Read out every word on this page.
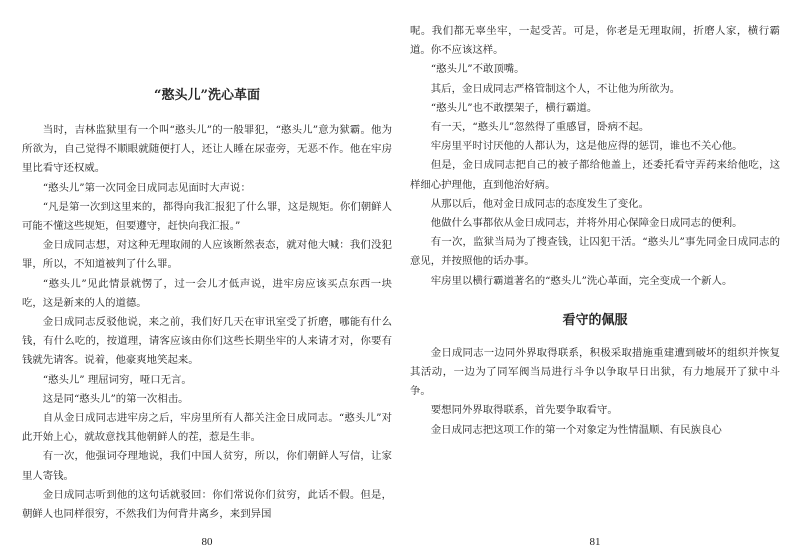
“憨头儿”洗心革面

当时，吉林监狱里有一个叫“憨头儿”的一般罪犯，“憨头儿”意为狱霸。他为所欲为，自己觉得不顺眼就随便打人，还让人睡在尿壶旁，无恶不作。他在牢房里比看守还权威。

“憨头儿”第一次同金日成同志见面时大声说：

“凡是第一次到这里来的，都得向我汇报犯了什么罪，这是规矩。你们朝鲜人可能不懂这些规矩，但要遵守，赶快向我汇报。”

金日成同志想，对这种无理取闹的人应该断然表态，就对他大喊：我们没犯罪，所以，不知道被判了什么罪。

“憨头儿”见此情景就愣了，过一会儿才低声说，进牢房应该买点东西一块吃，这是新来的人的道德。

金日成同志反驳他说，来之前，我们好几天在审讯室受了折磨，哪能有什么钱，有什么吃的，按道理，请客应该由你们这些长期坐牢的人来请才对，你要有钱就先请客。说着，他豪爽地笑起来。

“憨头儿” 理屈词穷，哑口无言。

这是同“憨头儿”的第一次相击。

自从金日成同志进牢房之后，牢房里所有人都关注金日成同志。“憨头儿”对此开始上心，就故意找其他朝鲜人的茬，惹是生非。

有一次，他强词夺理地说，我们中国人贫穷，所以，你们朝鲜人写信，让家里人寄钱。

金日成同志听到他的这句话就驳回：你们常说你们贫穷，此话不假。但是，朝鲜人也同样很穷，不然我们为何背井离乡，来到异国

80

呢。我们都无辜坐牢，一起受苦。可是，你老是无理取闹，折磨人家，横行霸道。你不应该这样。

“憨头儿”不敢顶嘴。

其后，金日成同志严格管制这个人，不让他为所欲为。

“憨头儿”也不敢摆架子，横行霸道。

有一天，“憨头儿”忽然得了重感冒，卧病不起。

牢房里平时讨厌他的人都认为，这是他应得的惩罚，谁也不关心他。

但是，金日成同志把自己的被子都给他盖上，还委托看守弄药来给他吃，这样细心护理他，直到他治好病。

从那以后，他对金日成同志的态度发生了变化。

他做什么事都依从金日成同志，并将外用心保障金日成同志的便利。

有一次，监狱当局为了搜查钱，让囚犯干活。“憨头儿”事先同金日成同志的意见，并按照他的话办事。

牢房里以横行霸道著名的“憨头儿”洗心革面，完全变成一个新人。

看守的佩服

金日成同志一边同外界取得联系，积极采取措施重建遭到破坏的组织并恢复其活动，一边为了同军阀当局进行斗争以争取早日出狱，有力地展开了狱中斗争。

要想同外界取得联系，首先要争取看守。

金日成同志把这项工作的第一个对象定为性情温顺、有民族良心

81
